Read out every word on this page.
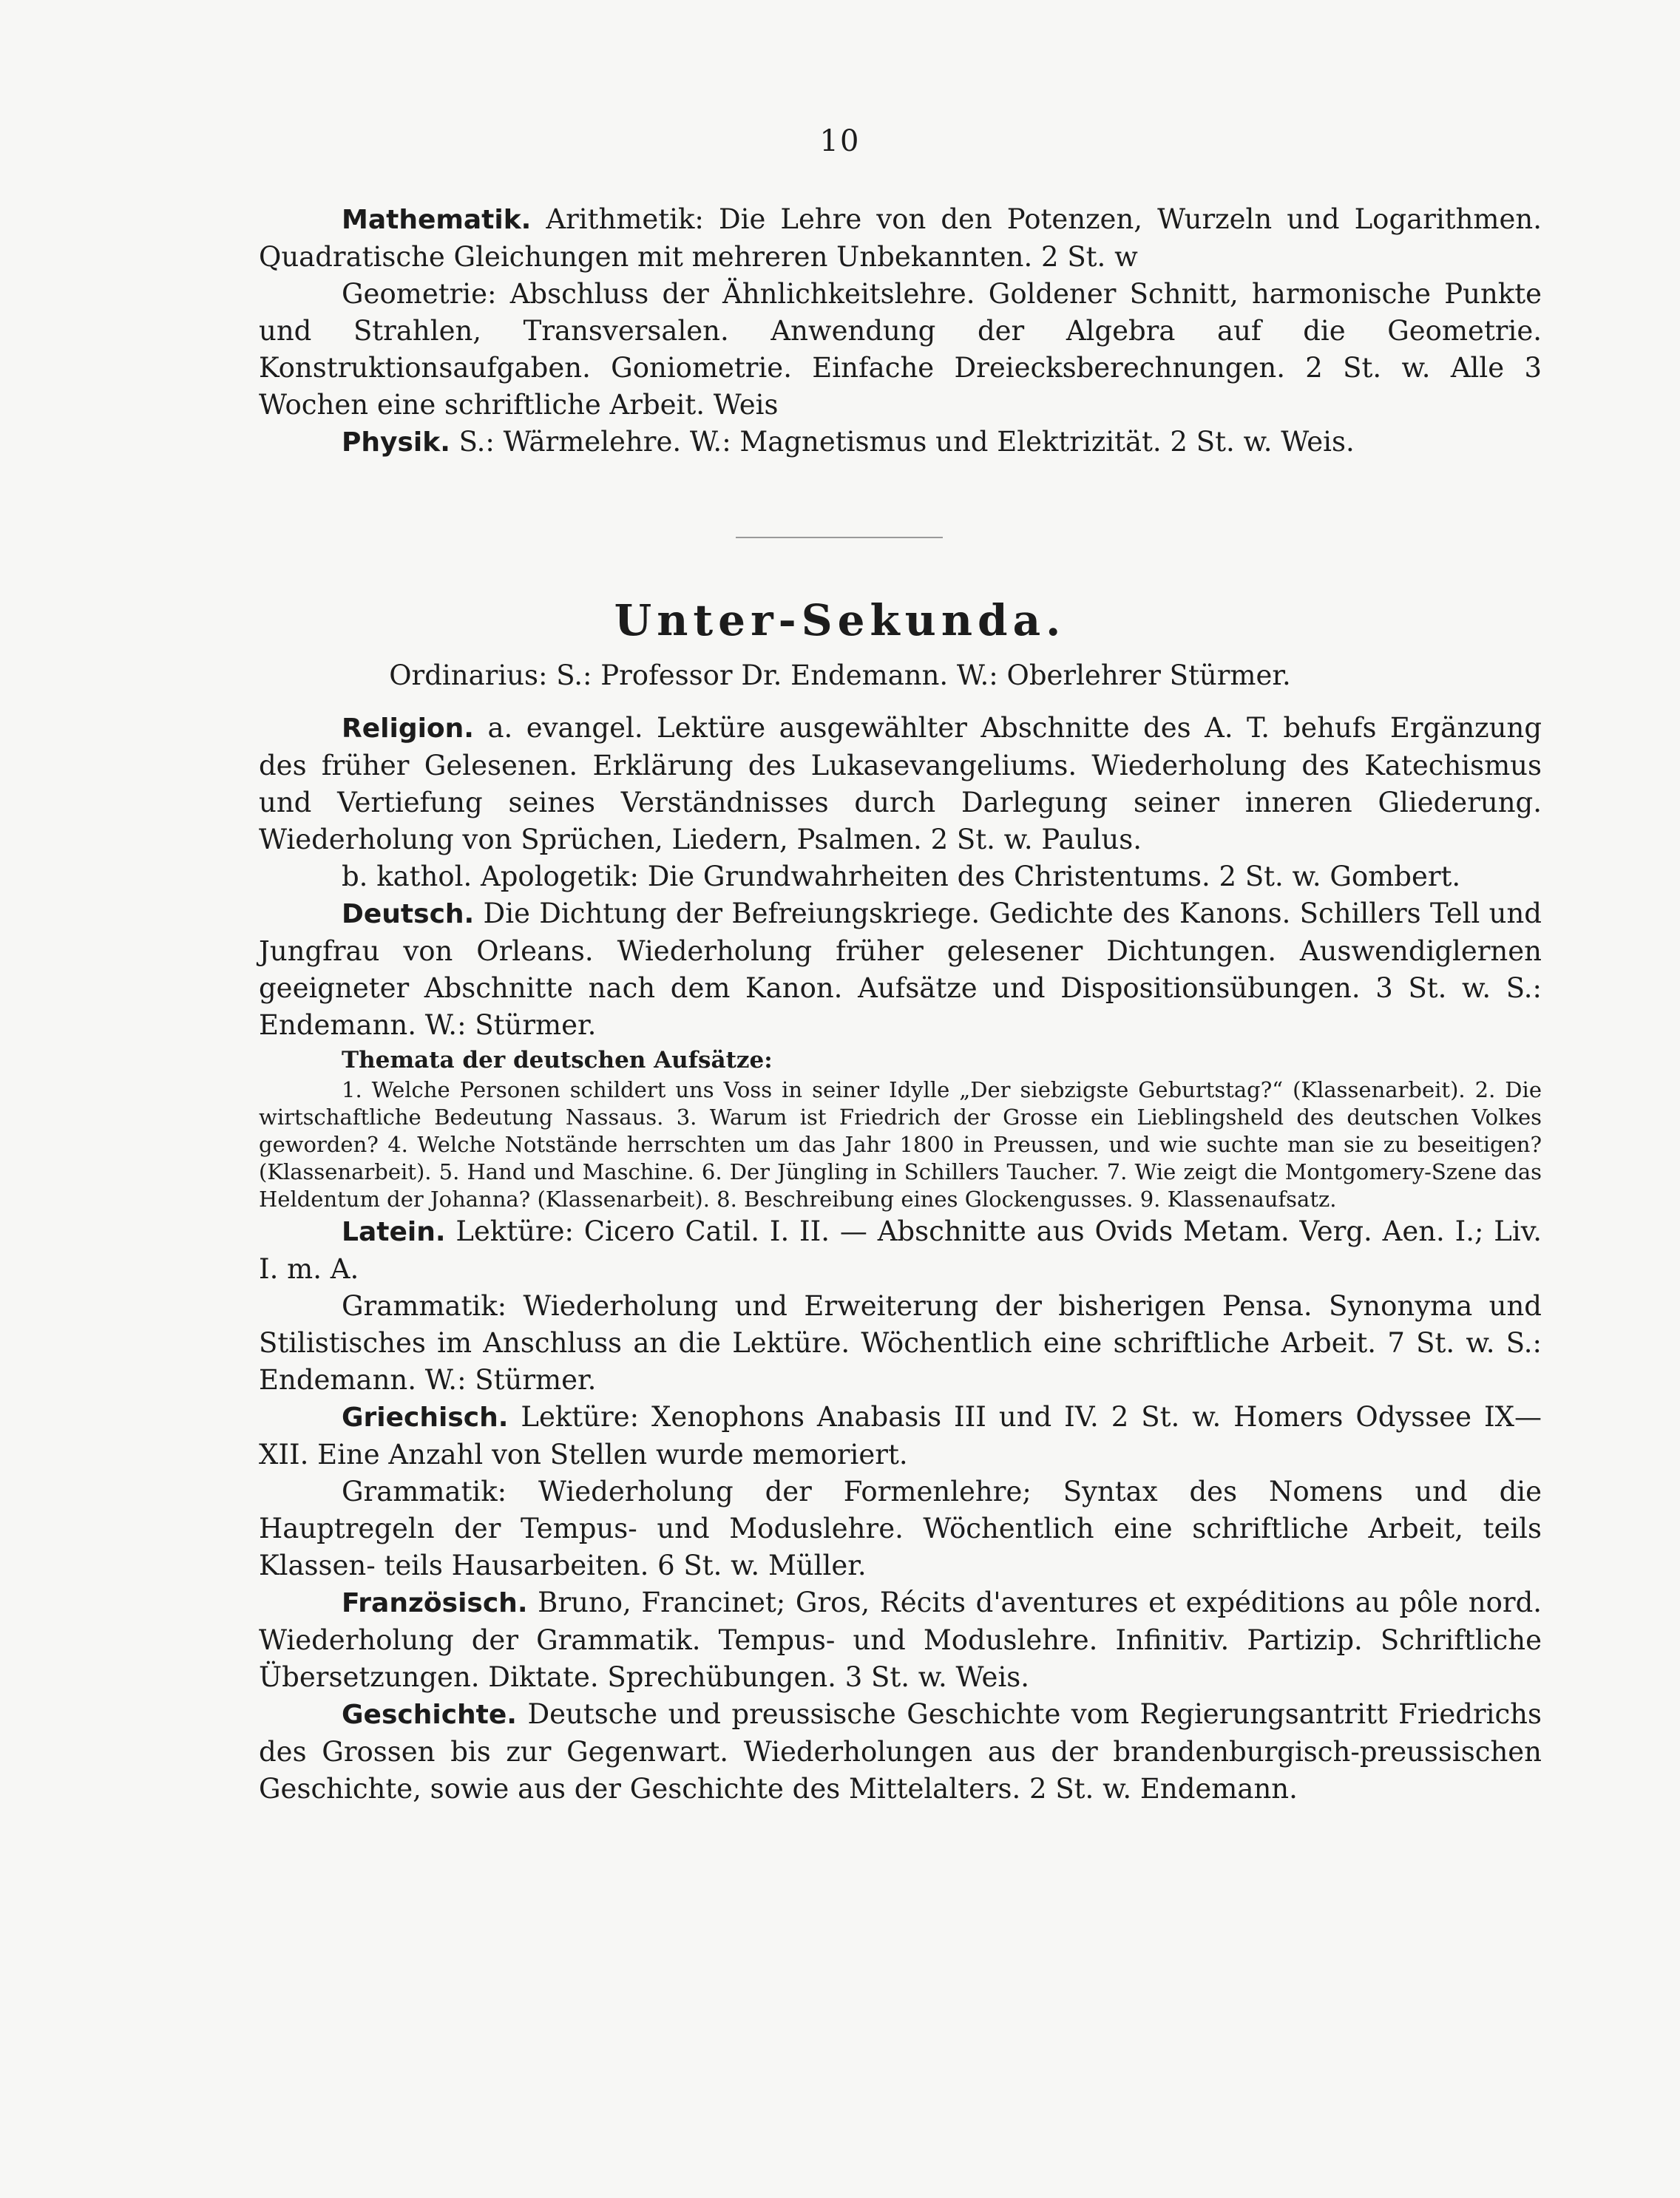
10

Mathematik. Arithmetik: Die Lehre von den Potenzen, Wurzeln und Logarithmen. Quadratische Gleichungen mit mehreren Unbekannten. 2 St. w

Geometrie: Abschluss der Ähnlichkeitslehre. Goldener Schnitt, harmonische Punkte und Strahlen, Transversalen. Anwendung der Algebra auf die Geometrie. Konstruktionsaufgaben. Goniometrie. Einfache Dreiecksberechnungen. 2 St. w. Alle 3 Wochen eine schriftliche Arbeit. Weis

Physik. S.: Wärmelehre. W.: Magnetismus und Elektrizität. 2 St. w. Weis.

Unter-Sekunda.
Ordinarius: S.: Professor Dr. Endemann. W.: Oberlehrer Stürmer.

Religion. a. evangel. Lektüre ausgewählter Abschnitte des A. T. behufs Ergänzung des früher Gelesenen. Erklärung des Lukasevangeliums. Wiederholung des Katechismus und Vertiefung seines Verständnisses durch Darlegung seiner inneren Gliederung. Wiederholung von Sprüchen, Liedern, Psalmen. 2 St. w. Paulus.

b. kathol. Apologetik: Die Grundwahrheiten des Christentums. 2 St. w. Gombert.

Deutsch. Die Dichtung der Befreiungskriege. Gedichte des Kanons. Schillers Tell und Jungfrau von Orleans. Wiederholung früher gelesener Dichtungen. Auswendiglernen geeigneter Abschnitte nach dem Kanon. Aufsätze und Dispositionsübungen. 3 St. w. S.: Endemann. W.: Stürmer.

Themata der deutschen Aufsätze:

1. Welche Personen schildert uns Voss in seiner Idylle „Der siebzigste Geburtstag?“ (Klassenarbeit). 2. Die wirtschaftliche Bedeutung Nassaus. 3. Warum ist Friedrich der Grosse ein Lieblingsheld des deutschen Volkes geworden? 4. Welche Notstände herrschten um das Jahr 1800 in Preussen, und wie suchte man sie zu beseitigen? (Klassenarbeit). 5. Hand und Maschine. 6. Der Jüngling in Schillers Taucher. 7. Wie zeigt die Montgomery-Szene das Heldentum der Johanna? (Klassenarbeit). 8. Beschreibung eines Glockengusses. 9. Klassenaufsatz.

Latein. Lektüre: Cicero Catil. I. II. — Abschnitte aus Ovids Metam. Verg. Aen. I.; Liv. I. m. A.

Grammatik: Wiederholung und Erweiterung der bisherigen Pensa. Synonyma und Stilistisches im Anschluss an die Lektüre. Wöchentlich eine schriftliche Arbeit. 7 St. w. S.: Endemann. W.: Stürmer.

Griechisch. Lektüre: Xenophons Anabasis III und IV. 2 St. w. Homers Odyssee IX—XII. Eine Anzahl von Stellen wurde memoriert.

Grammatik: Wiederholung der Formenlehre; Syntax des Nomens und die Hauptregeln der Tempus- und Moduslehre. Wöchentlich eine schriftliche Arbeit, teils Klassen- teils Hausarbeiten. 6 St. w. Müller.

Französisch. Bruno, Francinet; Gros, Récits d'aventures et expéditions au pôle nord. Wiederholung der Grammatik. Tempus- und Moduslehre. Infinitiv. Partizip. Schriftliche Übersetzungen. Diktate. Sprechübungen. 3 St. w. Weis.

Geschichte. Deutsche und preussische Geschichte vom Regierungsantritt Friedrichs des Grossen bis zur Gegenwart. Wiederholungen aus der brandenburgisch-preussischen Geschichte, sowie aus der Geschichte des Mittelalters. 2 St. w. Endemann.
